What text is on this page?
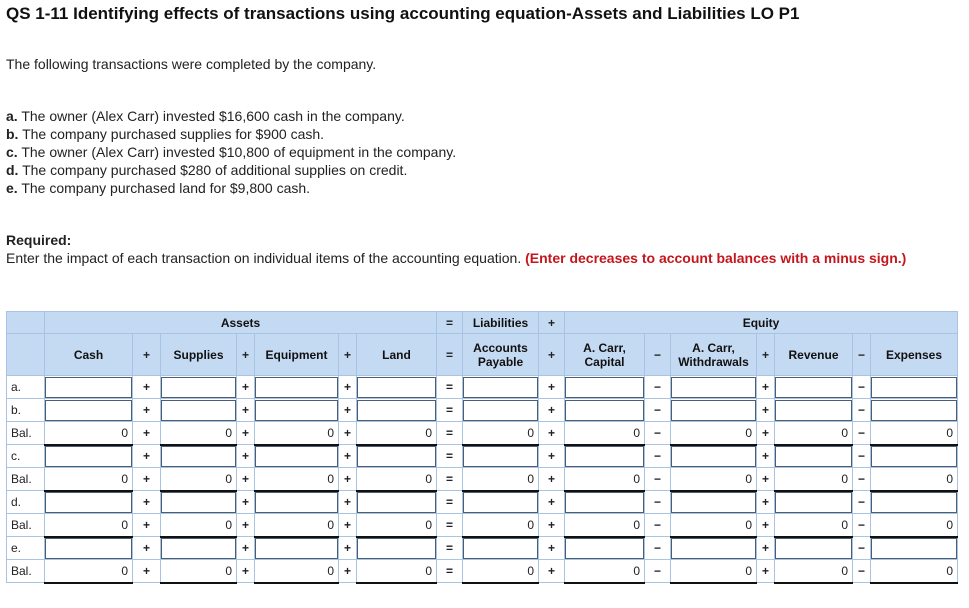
QS 1-11 Identifying effects of transactions using accounting equation-Assets and Liabilities LO P1
The following transactions were completed by the company.
a. The owner (Alex Carr) invested $16,600 cash in the company.
b. The company purchased supplies for $900 cash.
c. The owner (Alex Carr) invested $10,800 of equipment in the company.
d. The company purchased $280 of additional supplies on credit.
e. The company purchased land for $9,800 cash.
Required:
Enter the impact of each transaction on individual items of the accounting equation. (Enter decreases to account balances with a minus sign.)
	Assets							=	Liabilities	+	Equity						
	Cash	+	Supplies	+	Equipment	+	Land	=	Accounts Payable	+	A. Carr, Capital	−	A. Carr, Withdrawals	+	Revenue	−	Expenses
a.		+		+		+		=		+		−		+		−	

b.		+		+		+		=		+		−		+		−	

Bal.	0	+	0	+	0	+	0	=	0	+	0	−	0	+	0	−	0
c.		+		+		+		=		+		−		+		−	

Bal.	0	+	0	+	0	+	0	=	0	+	0	−	0	+	0	−	0
d.		+		+		+		=		+		−		+		−	

Bal.	0	+	0	+	0	+	0	=	0	+	0	−	0	+	0	−	0
e.		+		+		+		=		+		−		+		−	

Bal.	0	+	0	+	0	+	0	=	0	+	0	−	0	+	0	−	0
